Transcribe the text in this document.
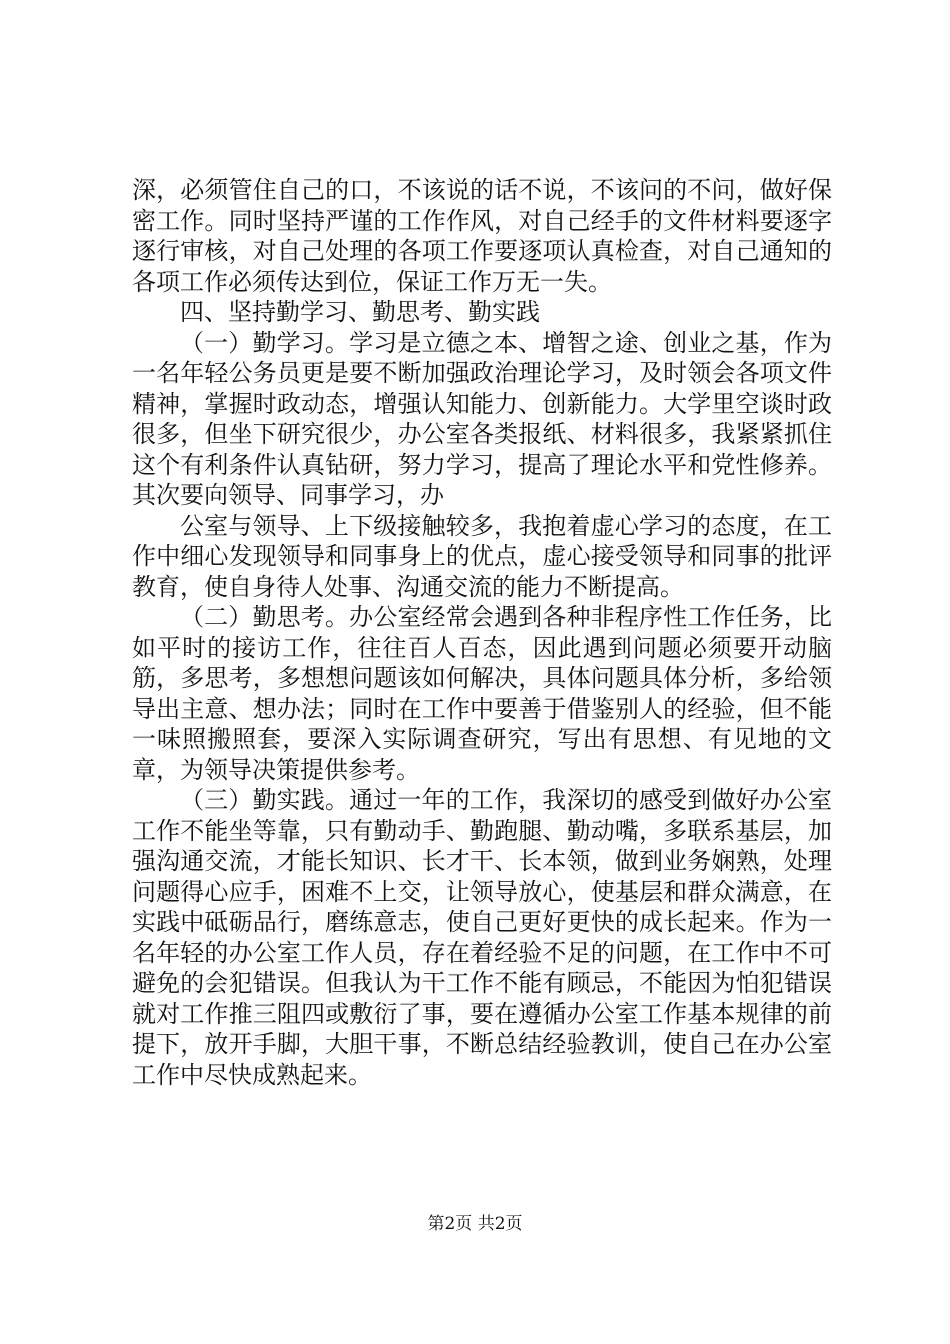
深，必须管住自己的口，不该说的话不说，不该问的不问，做好保密工作。同时坚持严谨的工作作风，对自己经手的文件材料要逐字逐行审核，对自己处理的各项工作要逐项认真检查，对自己通知的各项工作必须传达到位，保证工作万无一失。

四、坚持勤学习、勤思考、勤实践

（一）勤学习。学习是立德之本、增智之途、创业之基，作为一名年轻公务员更是要不断加强政治理论学习，及时领会各项文件精神，掌握时政动态，增强认知能力、创新能力。大学里空谈时政很多，但坐下研究很少，办公室各类报纸、材料很多，我紧紧抓住这个有利条件认真钻研，努力学习，提高了理论水平和党性修养。其次要向领导、同事学习，办

公室与领导、上下级接触较多，我抱着虚心学习的态度，在工作中细心发现领导和同事身上的优点，虚心接受领导和同事的批评教育，使自身待人处事、沟通交流的能力不断提高。

（二）勤思考。办公室经常会遇到各种非程序性工作任务，比如平时的接访工作，往往百人百态，因此遇到问题必须要开动脑筋，多思考，多想想问题该如何解决，具体问题具体分析，多给领导出主意、想办法；同时在工作中要善于借鉴别人的经验，但不能一味照搬照套，要深入实际调查研究，写出有思想、有见地的文章，为领导决策提供参考。

（三）勤实践。通过一年的工作，我深切的感受到做好办公室工作不能坐等靠，只有勤动手、勤跑腿、勤动嘴，多联系基层，加强沟通交流，才能长知识、长才干、长本领，做到业务娴熟，处理问题得心应手，困难不上交，让领导放心，使基层和群众满意，在实践中砥砺品行，磨练意志，使自己更好更快的成长起来。作为一名年轻的办公室工作人员，存在着经验不足的问题，在工作中不可避免的会犯错误。但我认为干工作不能有顾忌，不能因为怕犯错误就对工作推三阻四或敷衍了事，要在遵循办公室工作基本规律的前提下，放开手脚，大胆干事，不断总结经验教训，使自己在办公室工作中尽快成熟起来。

第2页 共2页
